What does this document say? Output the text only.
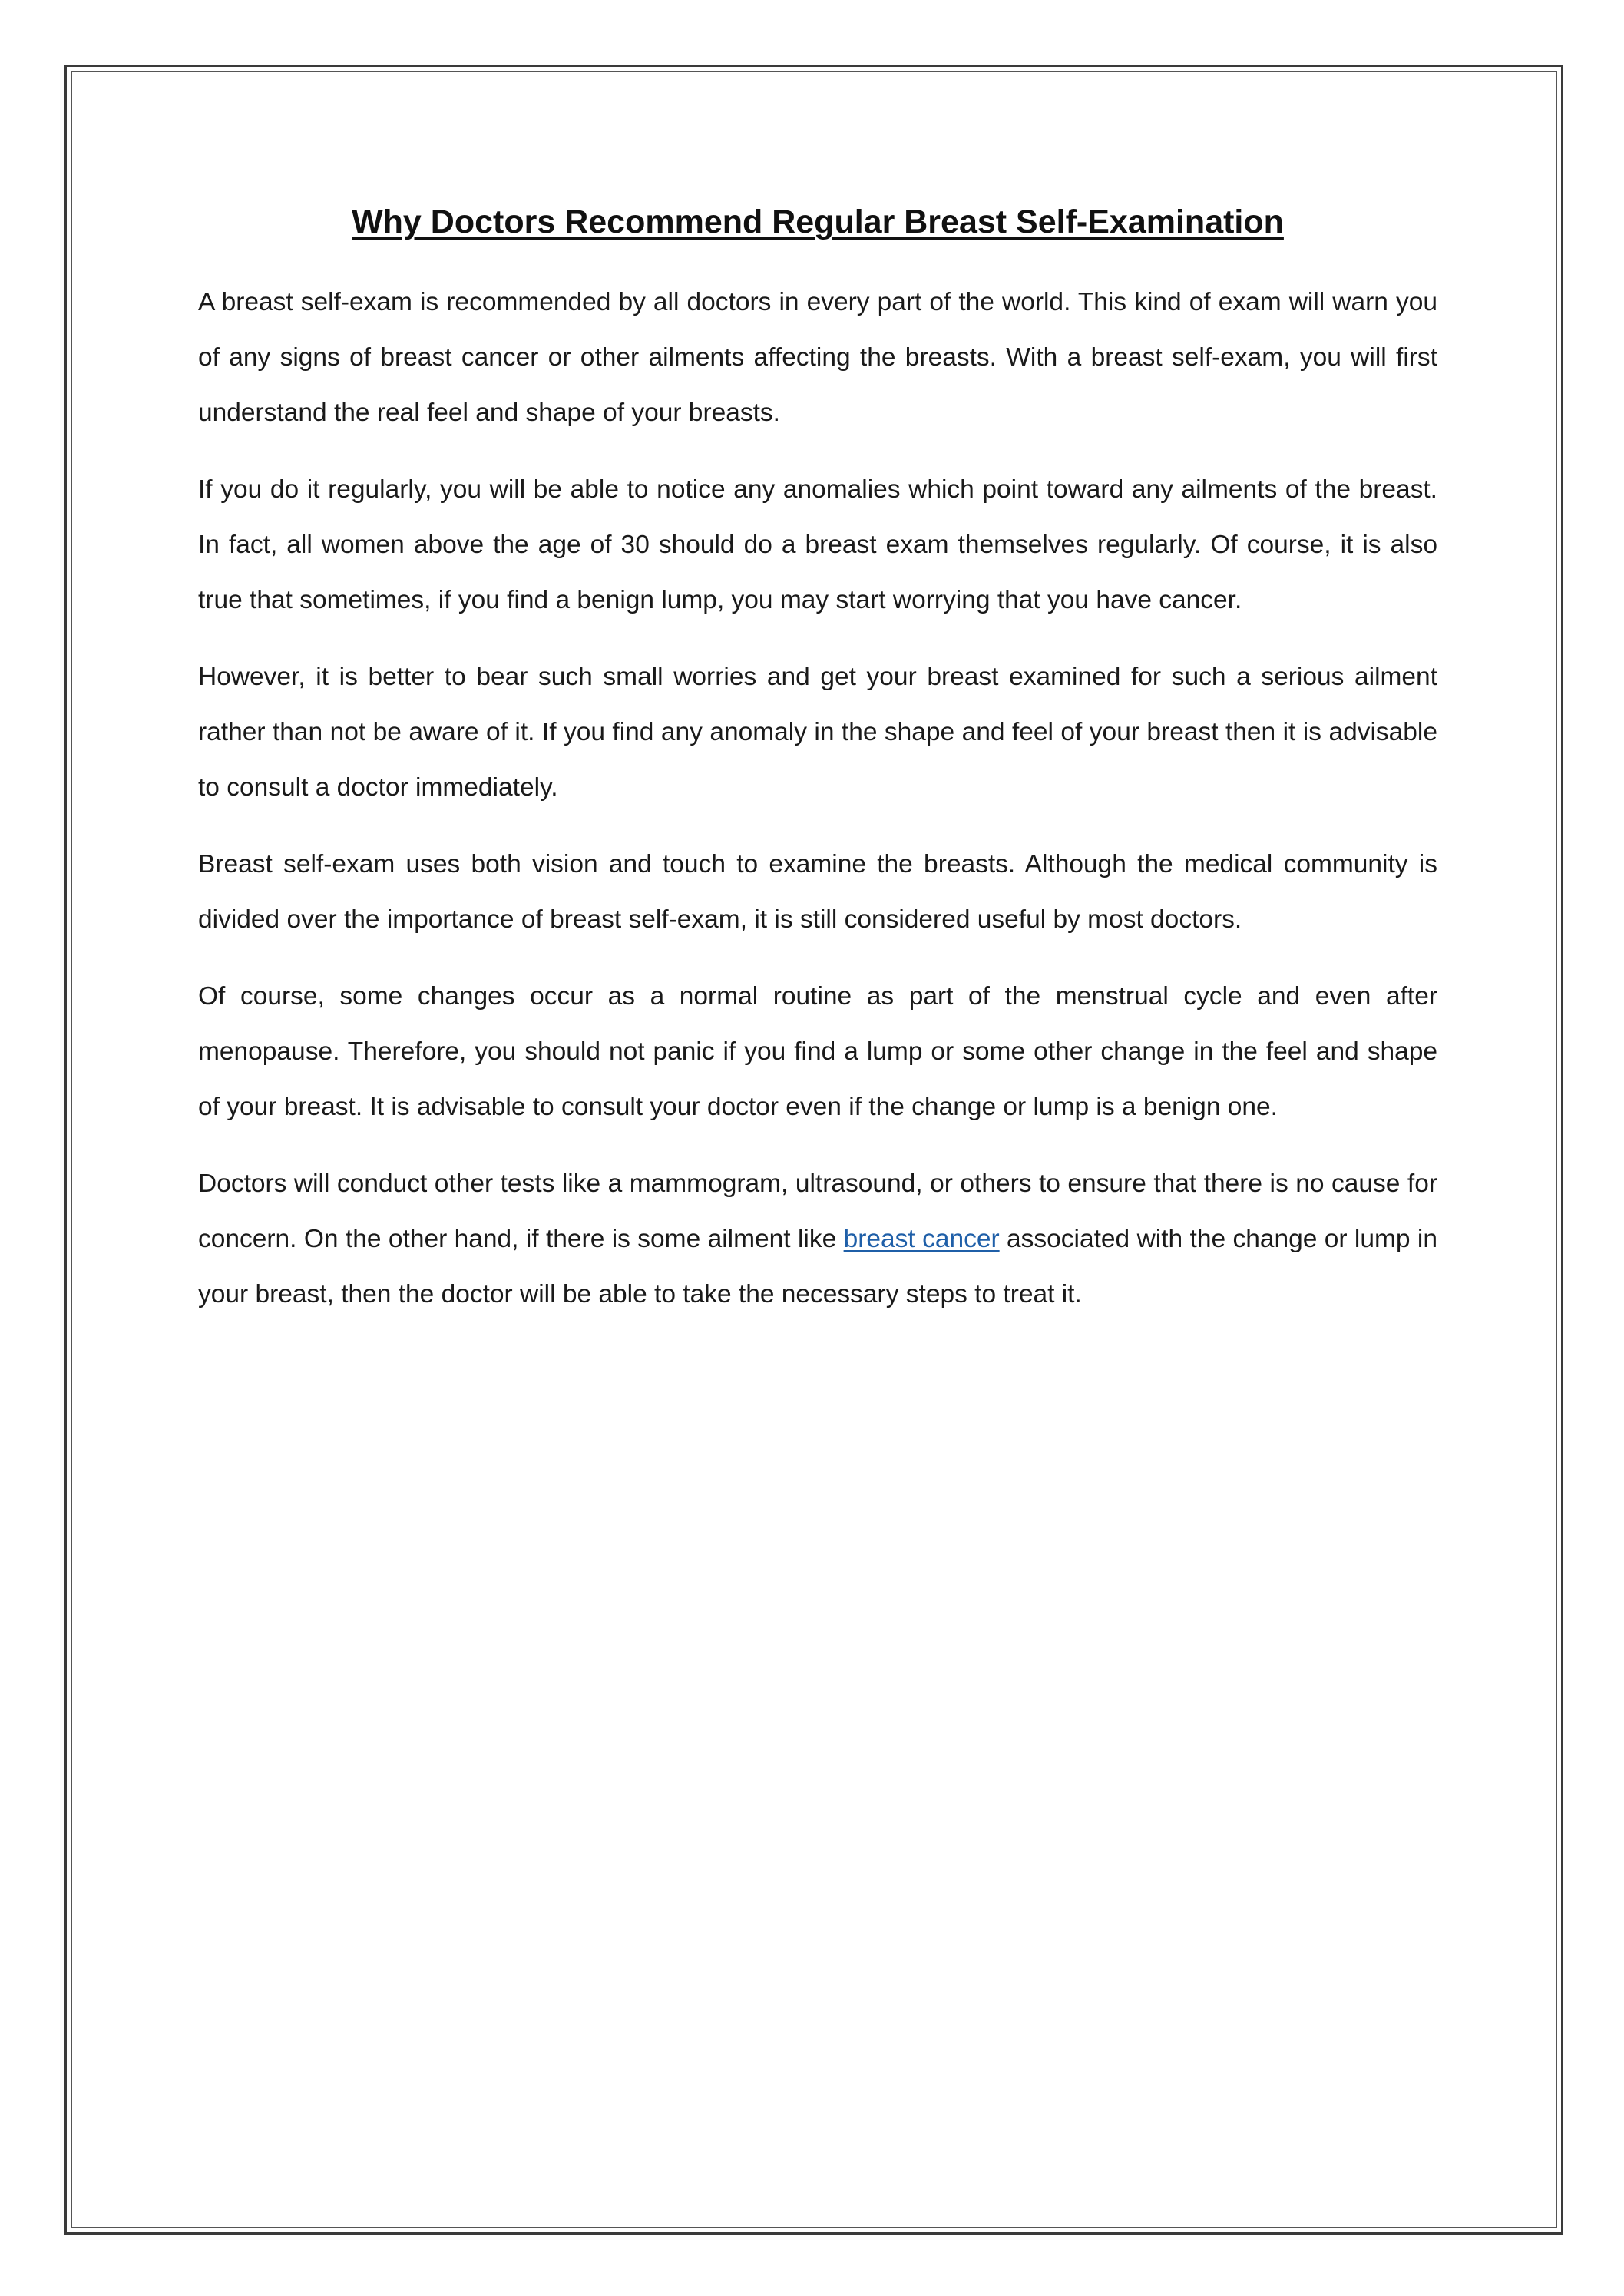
Why Doctors Recommend Regular Breast Self-Examination

A breast self-exam is recommended by all doctors in every part of the world. This kind of exam will warn you of any signs of breast cancer or other ailments affecting the breasts. With a breast self-exam, you will first understand the real feel and shape of your breasts.

If you do it regularly, you will be able to notice any anomalies which point toward any ailments of the breast. In fact, all women above the age of 30 should do a breast exam themselves regularly. Of course, it is also true that sometimes, if you find a benign lump, you may start worrying that you have cancer.

However, it is better to bear such small worries and get your breast examined for such a serious ailment rather than not be aware of it. If you find any anomaly in the shape and feel of your breast then it is advisable to consult a doctor immediately.

Breast self-exam uses both vision and touch to examine the breasts. Although the medical community is divided over the importance of breast self-exam, it is still considered useful by most doctors.

Of course, some changes occur as a normal routine as part of the menstrual cycle and even after menopause. Therefore, you should not panic if you find a lump or some other change in the feel and shape of your breast. It is advisable to consult your doctor even if the change or lump is a benign one.

Doctors will conduct other tests like a mammogram, ultrasound, or others to ensure that there is no cause for concern. On the other hand, if there is some ailment like breast cancer associated with the change or lump in your breast, then the doctor will be able to take the necessary steps to treat it.
